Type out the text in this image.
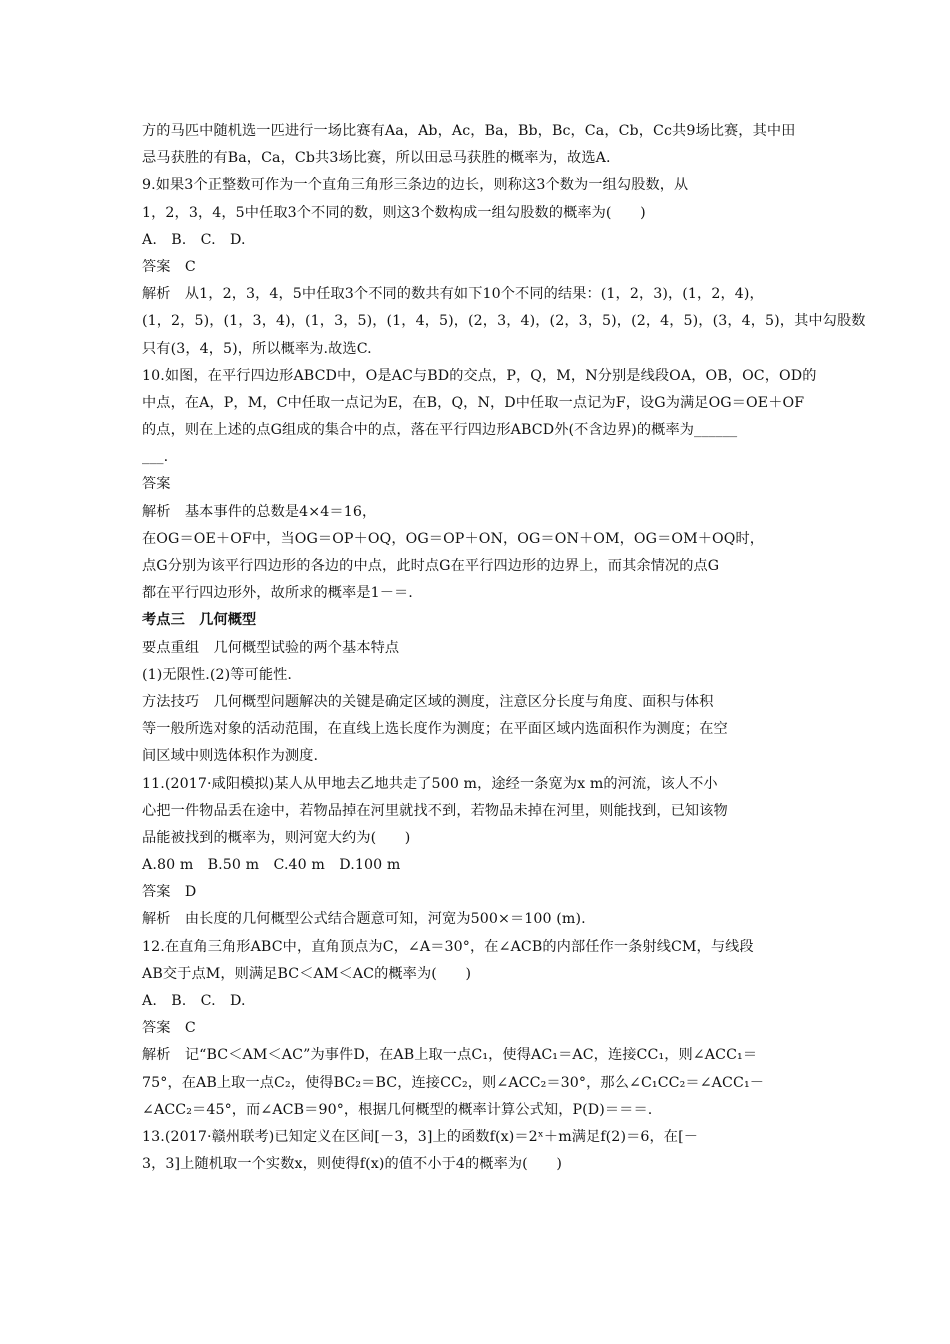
方的马匹中随机选一匹进行一场比赛有Aa，Ab，Ac，Ba，Bb，Bc，Ca，Cb，Cc共9场比赛，其中田
忌马获胜的有Ba，Ca，Cb共3场比赛，所以田忌马获胜的概率为，故选A.
9.如果3个正整数可作为一个直角三角形三条边的边长，则称这3个数为一组勾股数，从
1，2，3，4，5中任取3个不同的数，则这3个数构成一组勾股数的概率为(　　)
A.　B.　C.　D.
答案　C
解析　从1，2，3，4，5中任取3个不同的数共有如下10个不同的结果：(1，2，3)，(1，2，4)，
(1，2，5)，(1，3，4)，(1，3，5)，(1，4，5)，(2，3，4)，(2，3，5)，(2，4，5)，(3，4，5)，其中勾股数
只有(3，4，5)，所以概率为.故选C.
10.如图，在平行四边形ABCD中，O是AC与BD的交点，P，Q，M，N分别是线段OA，OB，OC，OD的
中点，在A，P，M，C中任取一点记为E，在B，Q，N，D中任取一点记为F，设G为满足OG＝OE＋OF
的点，则在上述的点G组成的集合中的点，落在平行四边形ABCD外(不含边界)的概率为______
___.
答案
解析　基本事件的总数是4×4＝16，
在OG＝OE＋OF中，当OG＝OP＋OQ，OG＝OP＋ON，OG＝ON＋OM，OG＝OM＋OQ时，
点G分别为该平行四边形的各边的中点，此时点G在平行四边形的边界上，而其余情况的点G
都在平行四边形外，故所求的概率是1－＝.
考点三　几何概型
要点重组　几何概型试验的两个基本特点
(1)无限性.(2)等可能性.
方法技巧　几何概型问题解决的关键是确定区域的测度，注意区分长度与角度、面积与体积
等一般所选对象的活动范围，在直线上选长度作为测度；在平面区域内选面积作为测度；在空
间区域中则选体积作为测度.
11.(2017·咸阳模拟)某人从甲地去乙地共走了500 m，途经一条宽为x m的河流，该人不小
心把一件物品丢在途中，若物品掉在河里就找不到，若物品未掉在河里，则能找到，已知该物
品能被找到的概率为，则河宽大约为(　　)
A.80 m　B.50 m　C.40 m　D.100 m
答案　D
解析　由长度的几何概型公式结合题意可知，河宽为500×＝100 (m).
12.在直角三角形ABC中，直角顶点为C，∠A＝30°，在∠ACB的内部任作一条射线CM，与线段
AB交于点M，则满足BC＜AM＜AC的概率为(　　)
A.　B.　C.　D.
答案　C
解析　记“BC＜AM＜AC”为事件D，在AB上取一点C₁，使得AC₁＝AC，连接CC₁，则∠ACC₁＝
75°，在AB上取一点C₂，使得BC₂＝BC，连接CC₂，则∠ACC₂＝30°，那么∠C₁CC₂＝∠ACC₁－
∠ACC₂＝45°，而∠ACB＝90°，根据几何概型的概率计算公式知，P(D)＝＝＝.
13.(2017·赣州联考)已知定义在区间[－3，3]上的函数f(x)＝2ˣ＋m满足f(2)＝6，在[－
3，3]上随机取一个实数x，则使得f(x)的值不小于4的概率为(　　)
